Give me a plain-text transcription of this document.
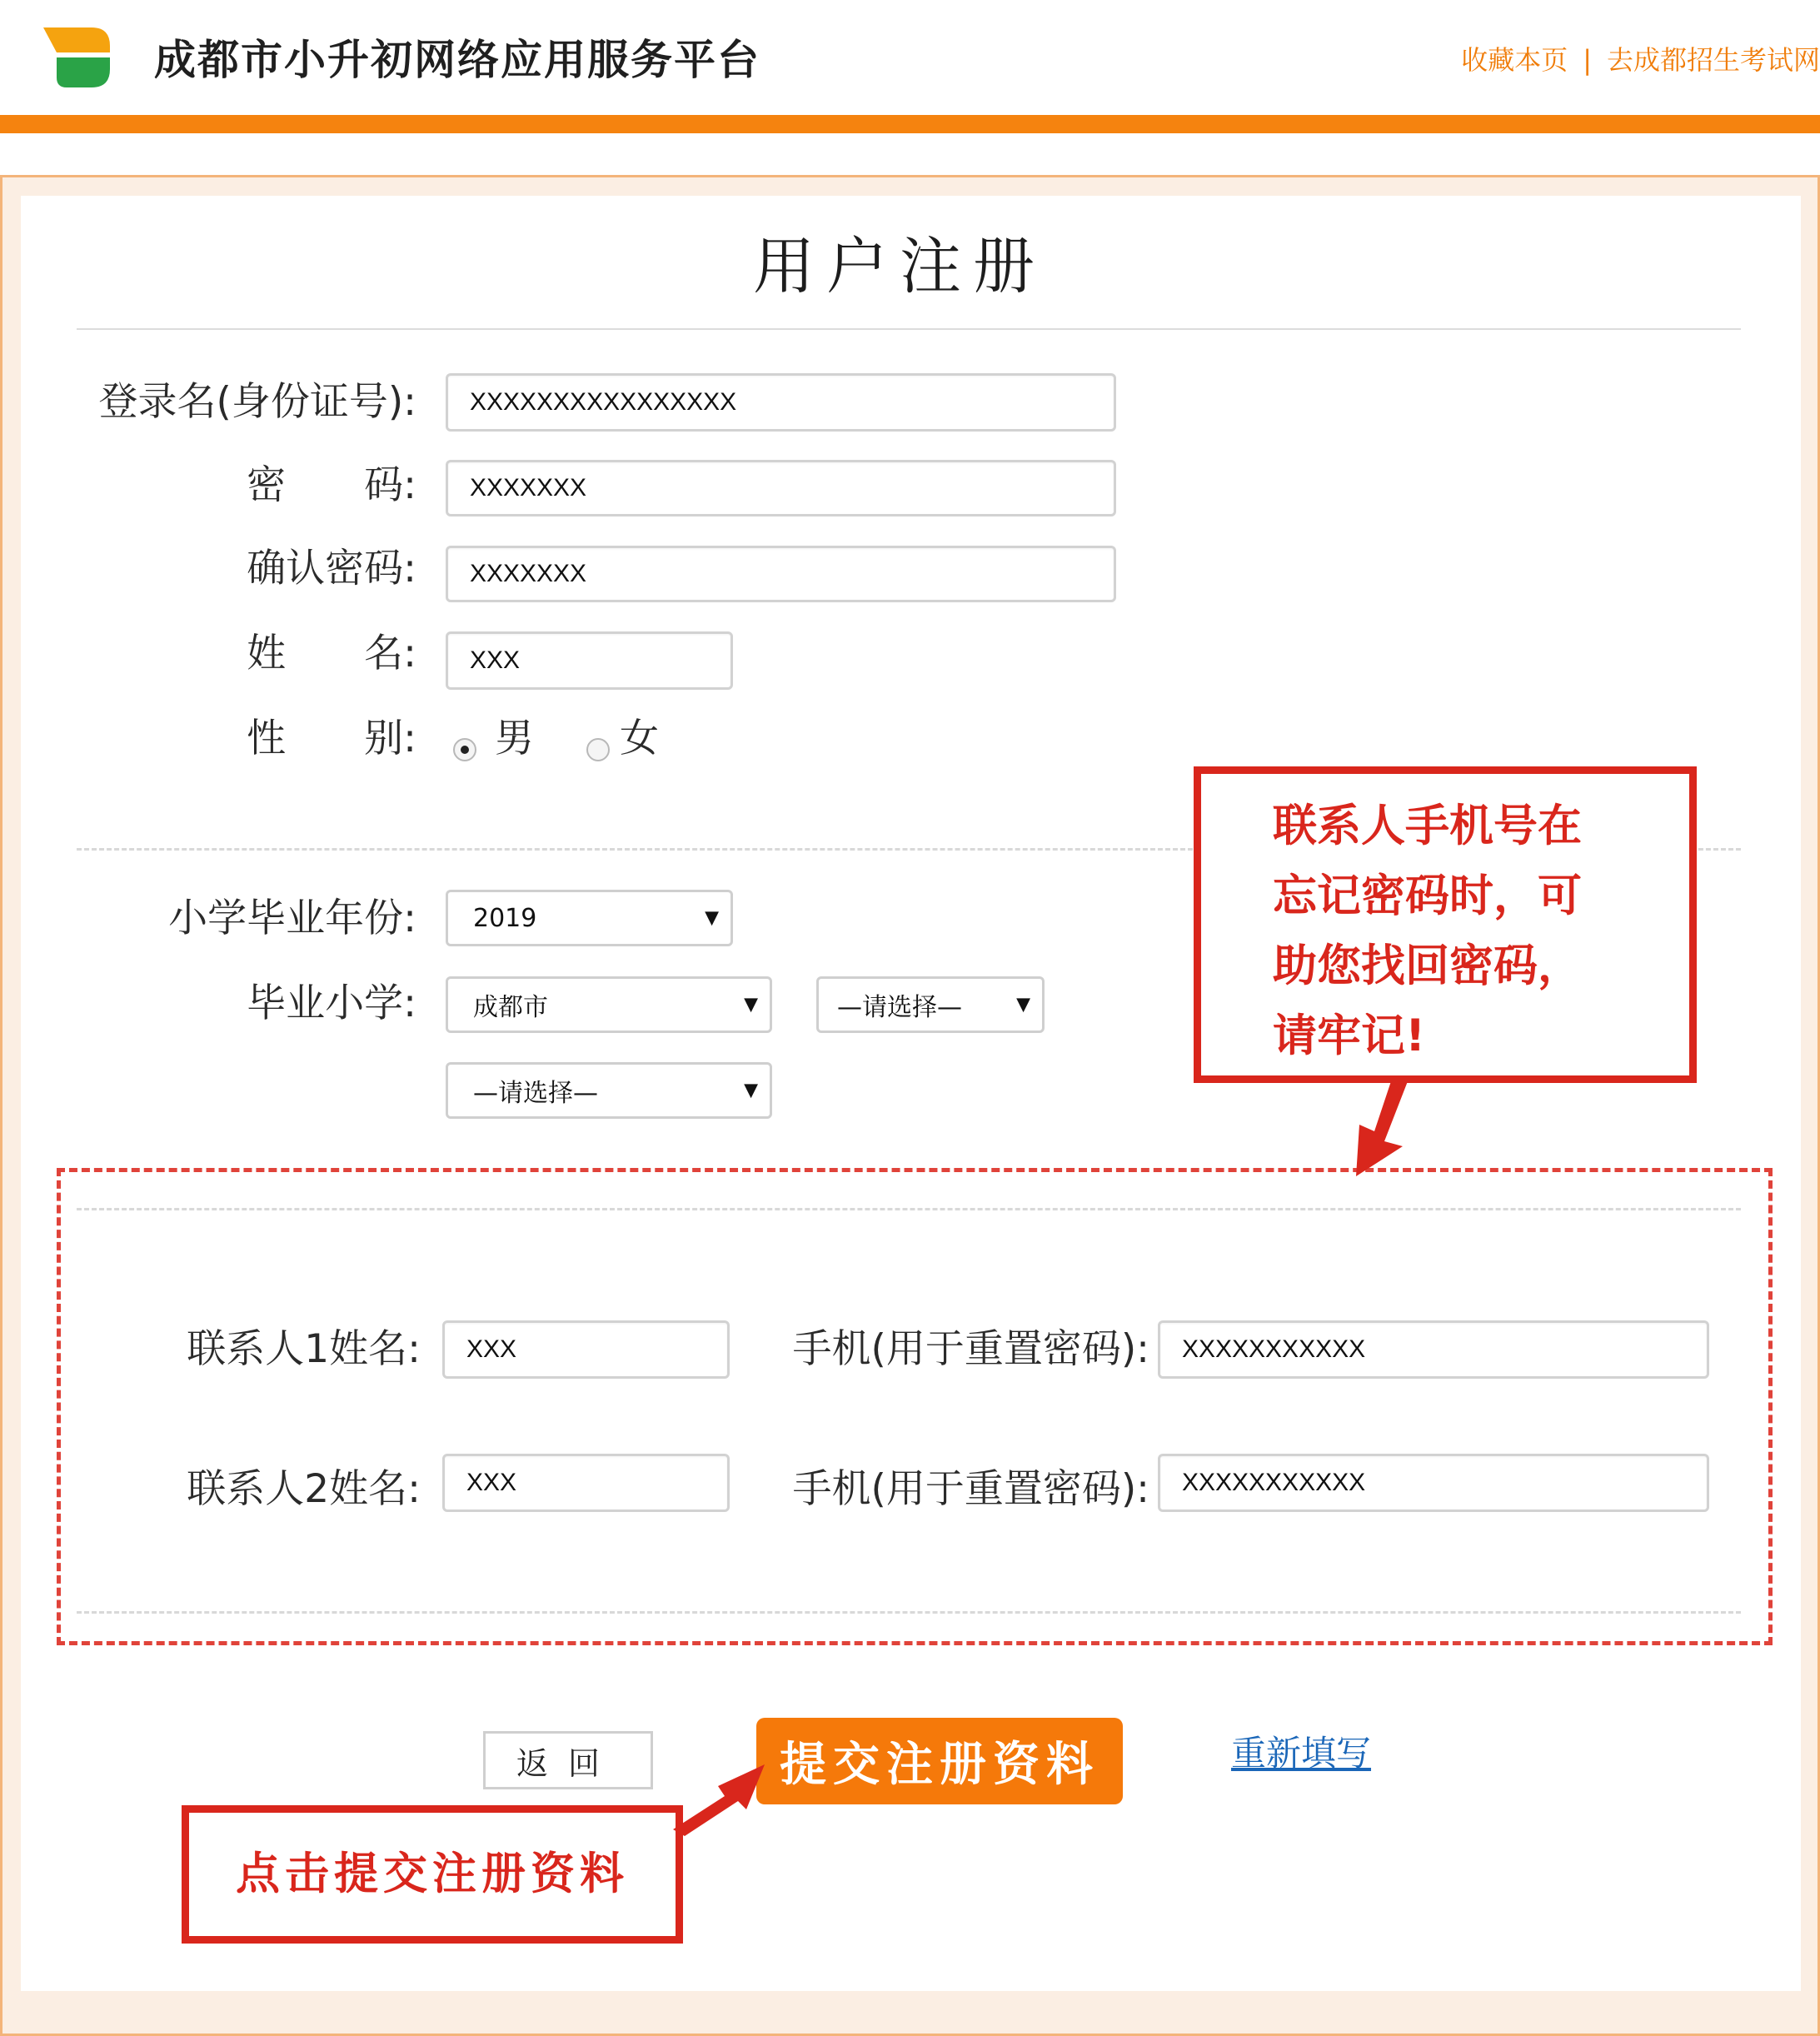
成都市小升初网络应用服务平台	收藏本页 | 去成都招生考试网
用户注册
登录名(身份证号):	XXXXXXXXXXXXXXXX
密　　码:	XXXXXXX
确认密码:	XXXXXXX
姓　　名:	XXX
性　　别: 男 女
小学毕业年份: 2019	▼
毕业小学: 成都市	▼	—请选择—	▼
—请选择—	▼
联系人1姓名:	XXX	手机(用于重置密码):	XXXXXXXXXXX
联系人2姓名:	XXX	手机(用于重置密码):	XXXXXXXXXXX
返回	提交注册资料	重新填写
联系人手机号在
忘记密码时，可
助您找回密码，
请牢记!
点击提交注册资料
